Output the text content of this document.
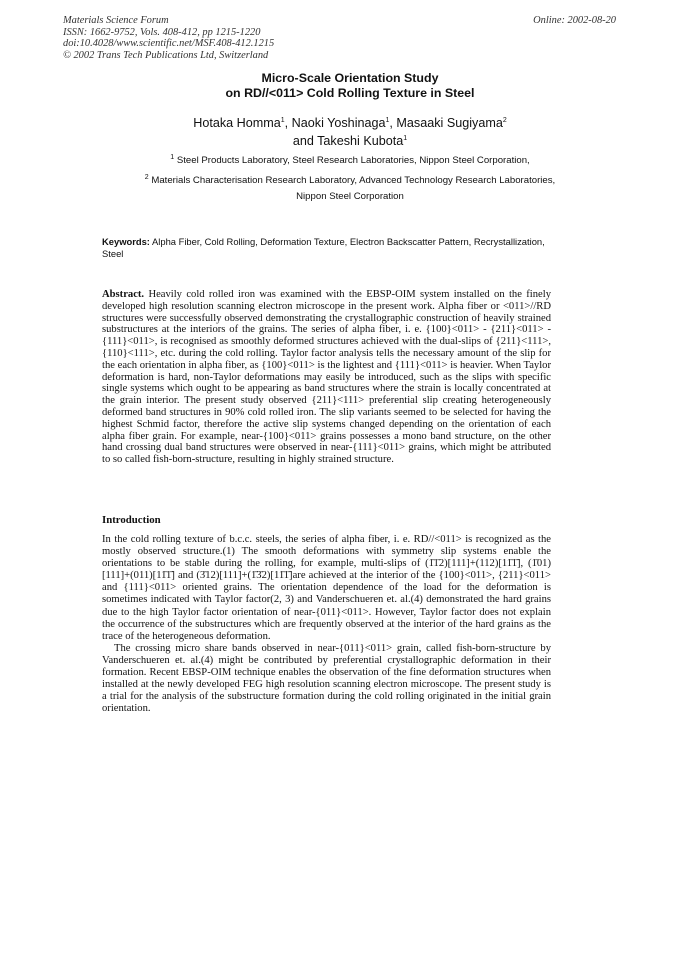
Materials Science Forum
ISSN: 1662-9752, Vols. 408-412, pp 1215-1220
doi:10.4028/www.scientific.net/MSF.408-412.1215
© 2002 Trans Tech Publications Ltd, Switzerland
Online: 2002-08-20
Micro-Scale Orientation Study
on RD//<011> Cold Rolling Texture in Steel
Hotaka Homma$^1$, Naoki Yoshinaga$^1$, Masaaki Sugiyama$^2$
and Takeshi Kubota$^1$
$^1$ Steel Products Laboratory, Steel Research Laboratories, Nippon Steel Corporation,
$^2$ Materials Characterisation Research Laboratory, Advanced Technology Research Laboratories,
Nippon Steel Corporation
Keywords: Alpha Fiber, Cold Rolling, Deformation Texture, Electron Backscatter Pattern, Recrystallization, Steel
Abstract. Heavily cold rolled iron was examined with the EBSP-OIM system installed on the finely developed high resolution scanning electron microscope in the present work. Alpha fiber or <011>//RD structures were successfully observed demonstrating the crystallographic construction of heavily strained substructures at the interiors of the grains. The series of alpha fiber, i. e. {100}<011> - {211}<011> - {111}<011>, is recognised as smoothly deformed structures achieved with the dual-slips of {211}<111>, {110}<111>, etc. during the cold rolling. Taylor factor analysis tells the necessary amount of the slip for the each orientation in alpha fiber, as {100}<011> is the lightest and {111}<011> is heavier. When Taylor deformation is hard, non-Taylor deformations may easily be introduced, such as the slips with specific single systems which ought to be appearing as band structures where the strain is locally concentrated at the grain interior. The present study observed {211}<111> preferential slip creating heterogeneously deformed band structures in 90% cold rolled iron. The slip variants seemed to be selected for having the highest Schmid factor, therefore the active slip systems changed depending on the orientation of each alpha fiber grain. For example, near-{100}<011> grains possesses a mono band structure, on the other hand crossing dual band structures were observed in near-{111}<011> grains, which might be attributed to so called fish-born-structure, resulting in highly strained structure.
Introduction

In the cold rolling texture of b.c.c. steels, the series of alpha fiber, i. e. RD//<011> is recognized as the mostly observed structure.(1) The smooth deformations with symmetry slip systems enable the orientations to be stable during the rolling, for example, multi-slips of (1̄1̄2)[111]+(112)[11̄1̄], (1̄01)[111]+(011)[11̄1̄] and (3̄12)[111]+(1̄3̄2)[11̄1̄]are achieved at the interior of the {100}<011>, {211}<011> and {111}<011> oriented grains. The orientation dependence of the load for the deformation is sometimes indicated with Taylor factor(2, 3) and Vanderschueren et. al.(4) demonstrated the hard grains due to the high Taylor factor orientation of near-{011}<011>. However, Taylor factor does not explain the occurrence of the substructures which are frequently observed at the interior of the hard grains as the trace of the heterogeneous deformation.

The crossing micro share bands observed in near-{011}<011> grain, called fish-born-structure by Vanderschueren et. al.(4) might be contributed by preferential crystallographic deformation in their formation. Recent EBSP-OIM technique enables the observation of the fine deformation structures when installed at the newly developed FEG high resolution scanning electron microscope. The present study is a trial for the analysis of the substructure formation during the cold rolling originated in the initial grain orientation.
